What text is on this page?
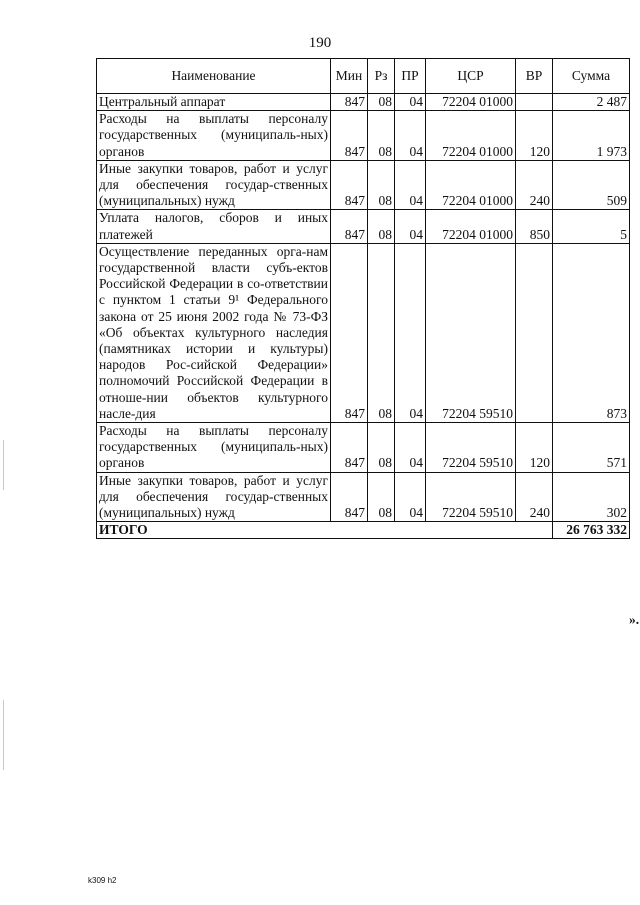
190
Наименование	Мин	Рз	ПР	ЦСР	ВР	Сумма
Центральный аппарат	847	08	04	72204 01000		2 487
Расходы на выплаты персоналу государственных (муниципаль-ных) органов	847	08	04	72204 01000	120	1 973
Иные закупки товаров, работ и услуг для обеспечения государ-ственных (муниципальных) нужд	847	08	04	72204 01000	240	509
Уплата налогов, сборов и иных платежей	847	08	04	72204 01000	850	5
Осуществление переданных орга-нам государственной власти субъ-ектов Российской Федерации в со-ответствии с пунктом 1 статьи 9¹ Федерального закона от 25 июня 2002 года № 73-ФЗ «Об объектах культурного наследия (памятниках истории и культуры) народов Рос-сийской Федерации» полномочий Российской Федерации в отноше-нии объектов культурного насле-дия	847	08	04	72204 59510		873
Расходы на выплаты персоналу государственных (муниципаль-ных) органов	847	08	04	72204 59510	120	571
Иные закупки товаров, работ и услуг для обеспечения государ-ственных (муниципальных) нужд	847	08	04	72204 59510	240	302
ИТОГО						26 763 332
».
k309 h2
